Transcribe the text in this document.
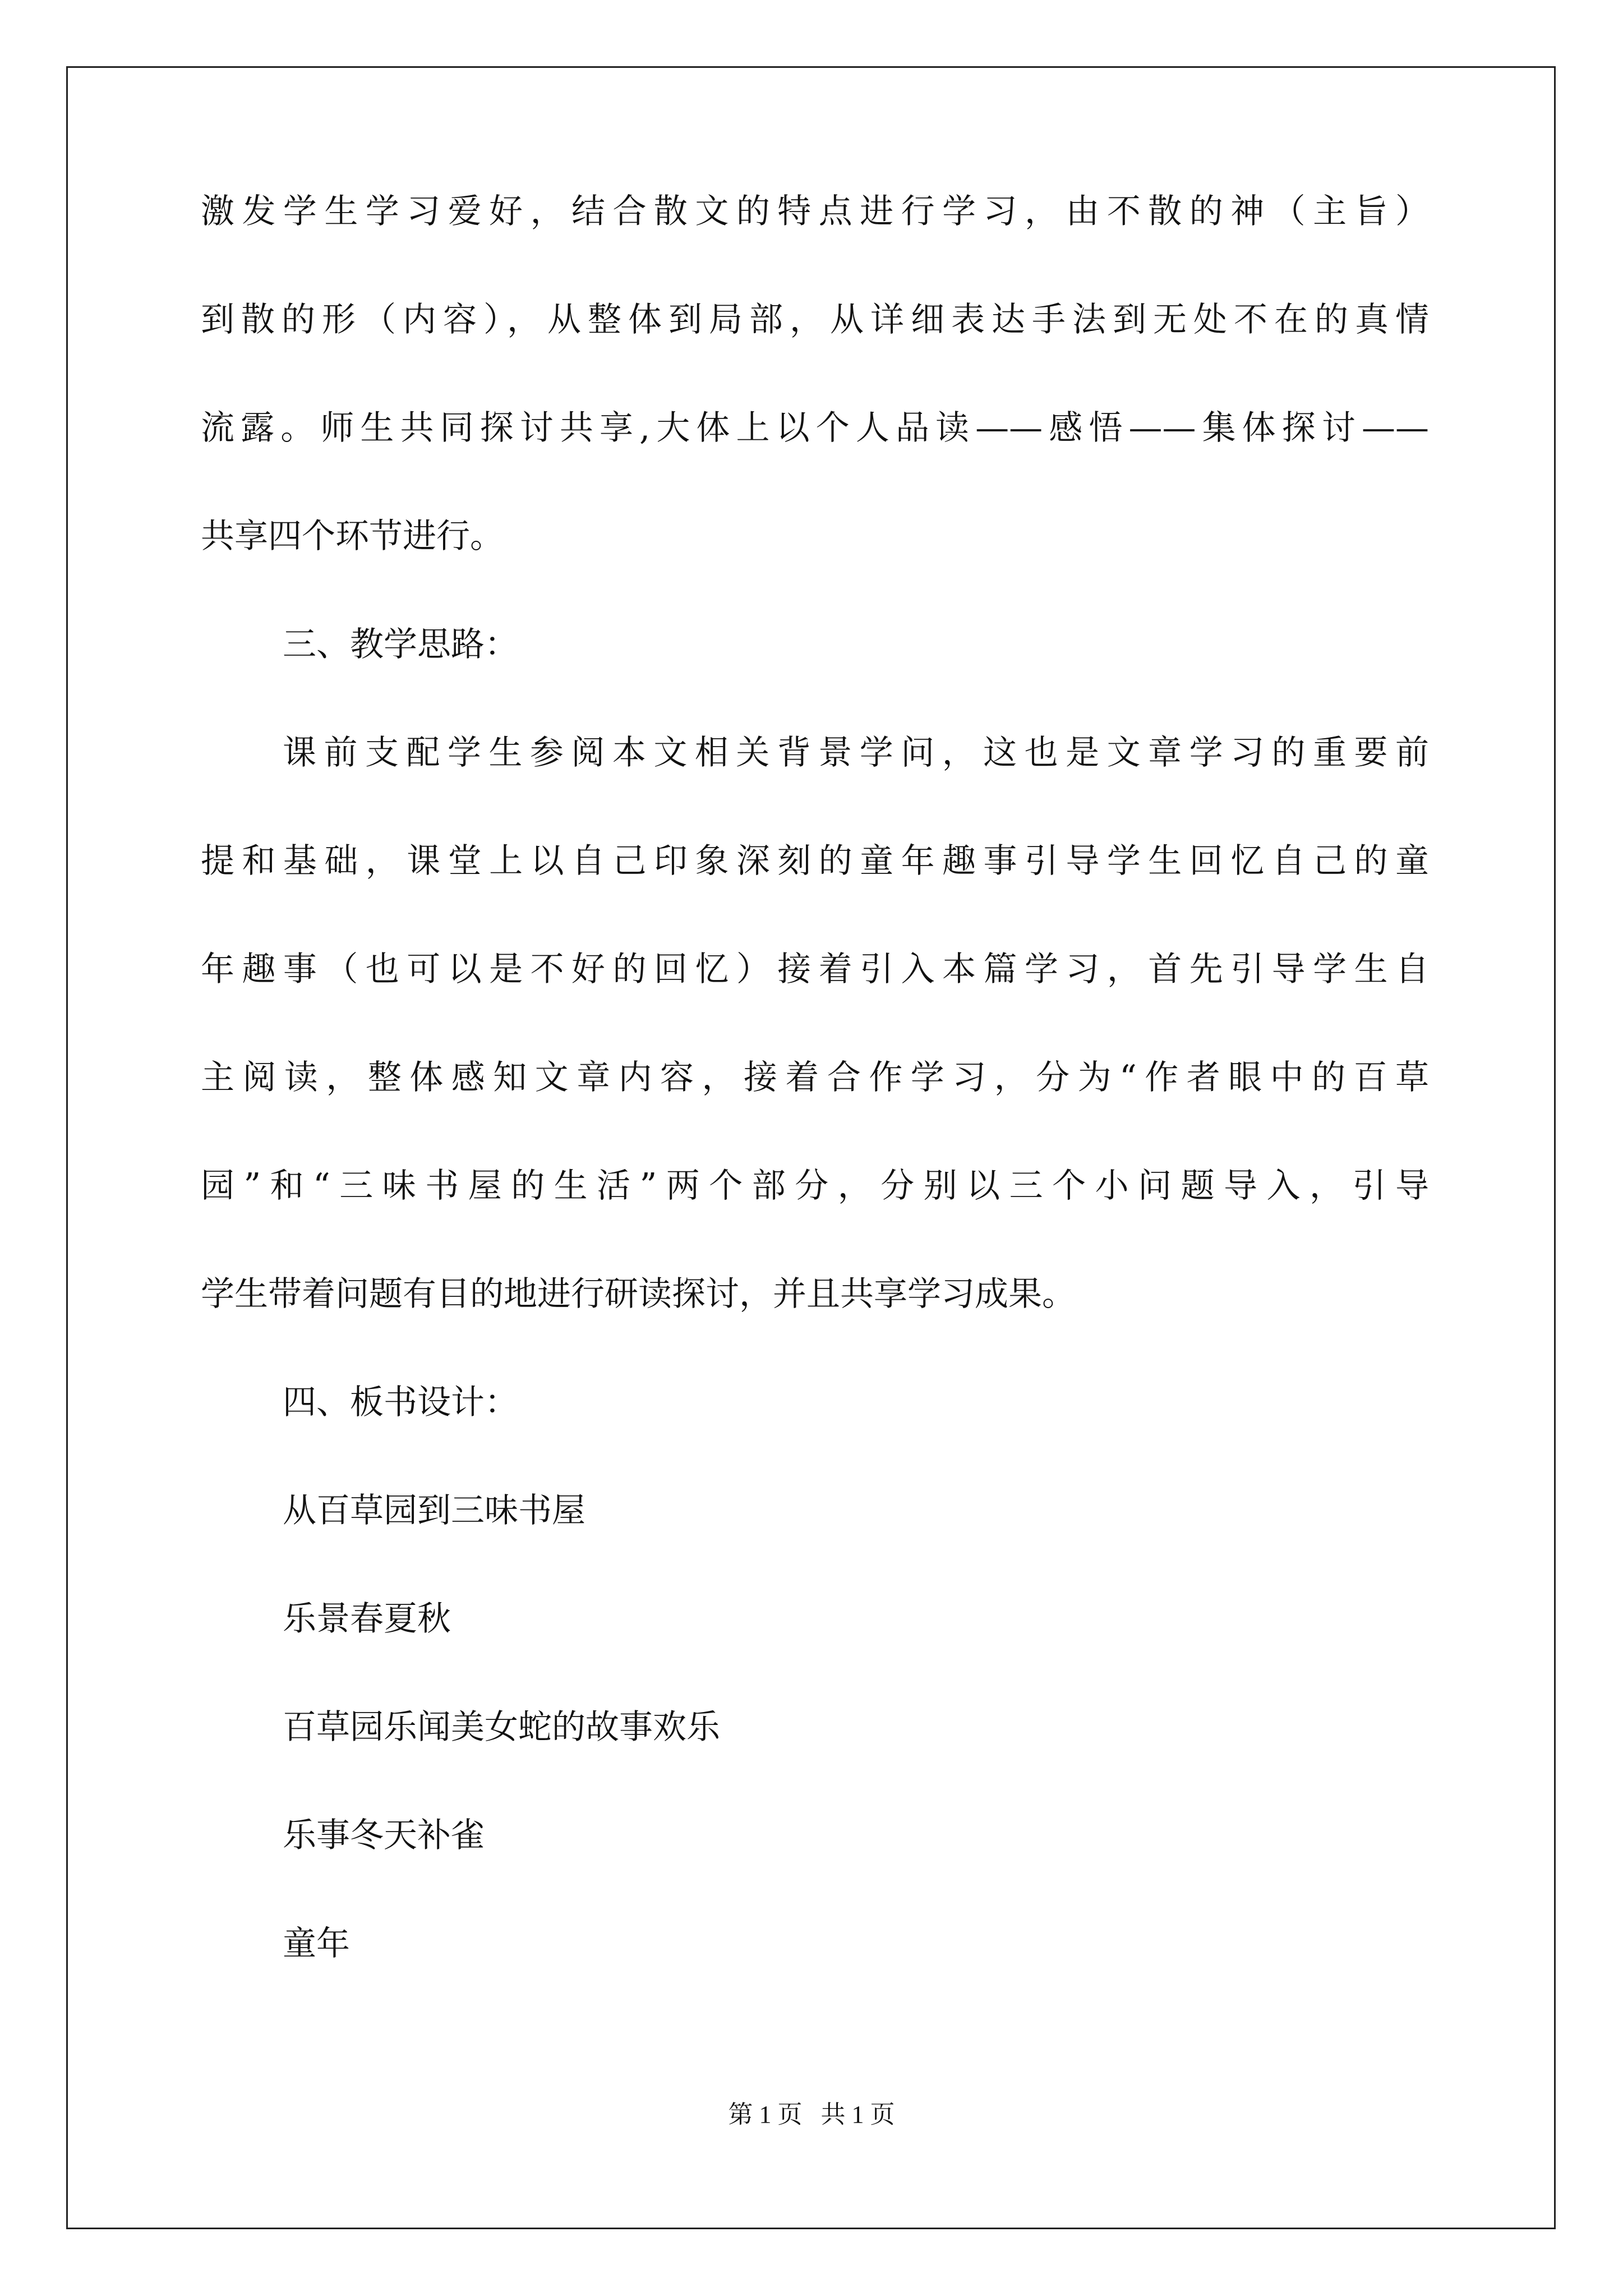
激发学生学习爱好，结合散文的特点进行学习，由不散的神（主旨）
到散的形（内容），从整体到局部，从详细表达手法到无处不在的真情
流露。师生共同探讨共享,大体上以个人品读——感悟——集体探讨——
共享四个环节进行。
三、教学思路：
课前支配学生参阅本文相关背景学问，这也是文章学习的重要前
提和基础，课堂上以自己印象深刻的童年趣事引导学生回忆自己的童
年趣事（也可以是不好的回忆）接着引入本篇学习，首先引导学生自
主阅读，整体感知文章内容，接着合作学习，分为“作者眼中的百草
园”和“三味书屋的生活”两个部分，分别以三个小问题导入，引导
学生带着问题有目的地进行研读探讨，并且共享学习成果。
四、板书设计：
从百草园到三味书屋
乐景春夏秋
百草园乐闻美女蛇的故事欢乐
乐事冬天补雀
童年
第 1 页   共 1 页
